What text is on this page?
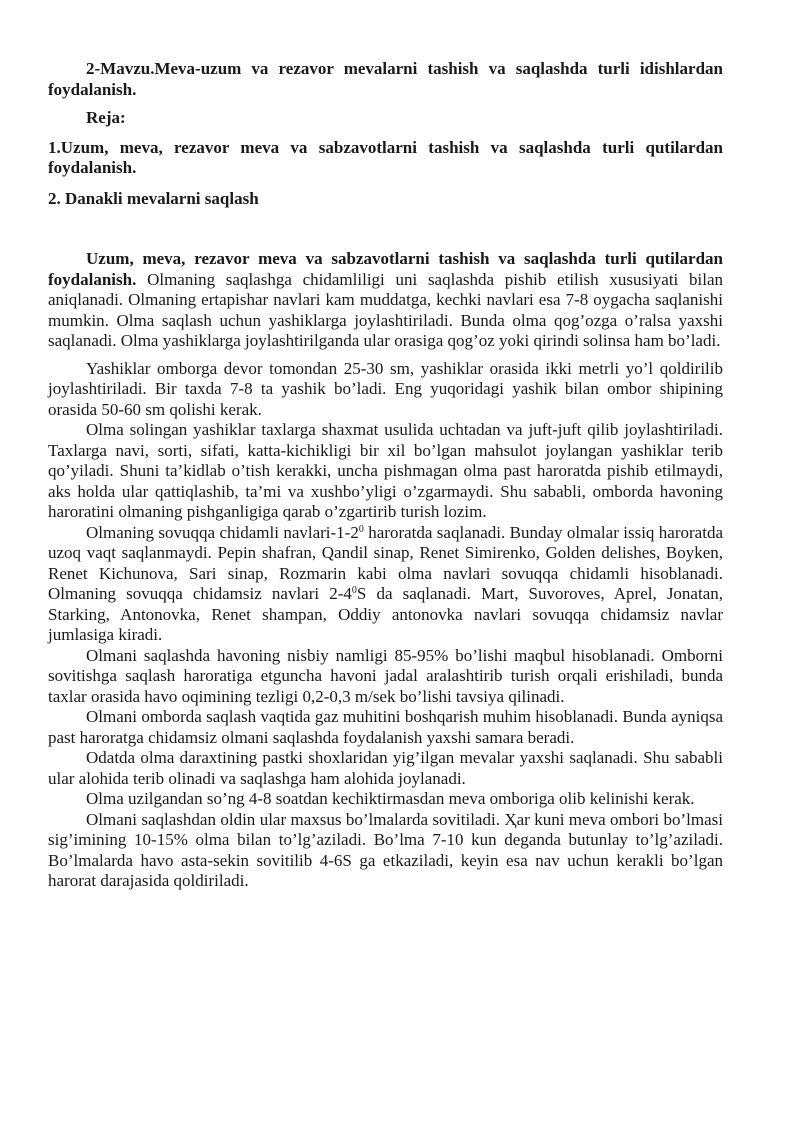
2-Mavzu.Meva-uzum va rezavor mevalarni tashish va saqlashda turli idishlardan foydalanish.

Reja:

1.Uzum, meva, rezavor meva va sabzavotlarni tashish va saqlashda turli qutilardan foydalanish.

2. Danakli mevalarni saqlash

Uzum, meva, rezavor meva va sabzavotlarni tashish va saqlashda turli qutilardan foydalanish. Olmaning saqlashga chidamliligi uni saqlashda pishib etilish xususiyati bilan aniqlanadi. Olmaning ertapishar navlari kam muddatga, kechki navlari esa 7-8 oygacha saqlanishi mumkin. Olma saqlash uchun yashiklarga joylashtiriladi. Bunda olma qog’ozga o’ralsa yaxshi saqlanadi. Olma yashiklarga joylashtirilganda ular orasiga qog’oz yoki qirindi solinsa ham bo’ladi.

Yashiklar omborga devor tomondan 25-30 sm, yashiklar orasida ikki metrli yo’l qoldirilib joylashtiriladi. Bir taxda 7-8 ta yashik bo’ladi. Eng yuqoridagi yashik bilan ombor shipining orasida 50-60 sm qolishi kerak.

Olma solingan yashiklar taxlarga shaxmat usulida uchtadan va juft-juft qilib joylashtiriladi. Taxlarga navi, sorti, sifati, katta-kichikligi bir xil bo’lgan mahsulot joylangan yashiklar terib qo’yiladi. Shuni ta’kidlab o’tish kerakki, uncha pishmagan olma past haroratda pishib etilmaydi, aks holda ular qattiqlashib, ta’mi va xushbo’yligi o’zgarmaydi. Shu sababli, omborda havoning haroratini olmaning pishganligiga qarab o’zgartirib turish lozim.

Olmaning sovuqqa chidamli navlari-$1-2^0$ haroratda saqlanadi. Bunday olmalar issiq haroratda uzoq vaqt saqlanmaydi. Pepin shafran, Qandil sinap, Renet Simirenko, Golden delishes, Boyken, Renet Kichunova, Sari sinap, Rozmarin kabi olma navlari sovuqqa chidamli hisoblanadi. Olmaning sovuqqa chidamsiz navlari $2-4^0S$ da saqlanadi. Mart, Suvoroves, Aprel, Jonatan, Starking, Antonovka, Renet shampan, Oddiy antonovka navlari sovuqqa chidamsiz navlar jumlasiga kiradi.

Olmani saqlashda havoning nisbiy namligi 85-95% bo’lishi maqbul hisoblanadi. Omborni sovitishga saqlash haroratiga etguncha havoni jadal aralashtirib turish orqali erishiladi, bunda taxlar orasida havo oqimining tezligi 0,2-0,3 m/sek bo’lishi tavsiya qilinadi.

Olmani omborda saqlash vaqtida gaz muhitini boshqarish muhim hisoblanadi. Bunda ayniqsa past haroratga chidamsiz olmani saqlashda foydalanish yaxshi samara beradi.

Odatda olma daraxtining pastki shoxlaridan yig’ilgan mevalar yaxshi saqlanadi. Shu sababli ular alohida terib olinadi va saqlashga ham alohida joylanadi.

Olma uzilgandan so’ng 4-8 soatdan kechiktirmasdan meva omboriga olib kelinishi kerak.

Olmani saqlashdan oldin ular maxsus bo’lmalarda sovitiladi. Ҳar kuni meva ombori bo’lmasi sig’imining 10-15% olma bilan to’lg’aziladi. Bo’lma 7-10 kun deganda butunlay to’lg’aziladi. Bo’lmalarda havo asta-sekin sovitilib 4-6S ga etkaziladi, keyin esa nav uchun kerakli bo’lgan harorat darajasida qoldiriladi.
